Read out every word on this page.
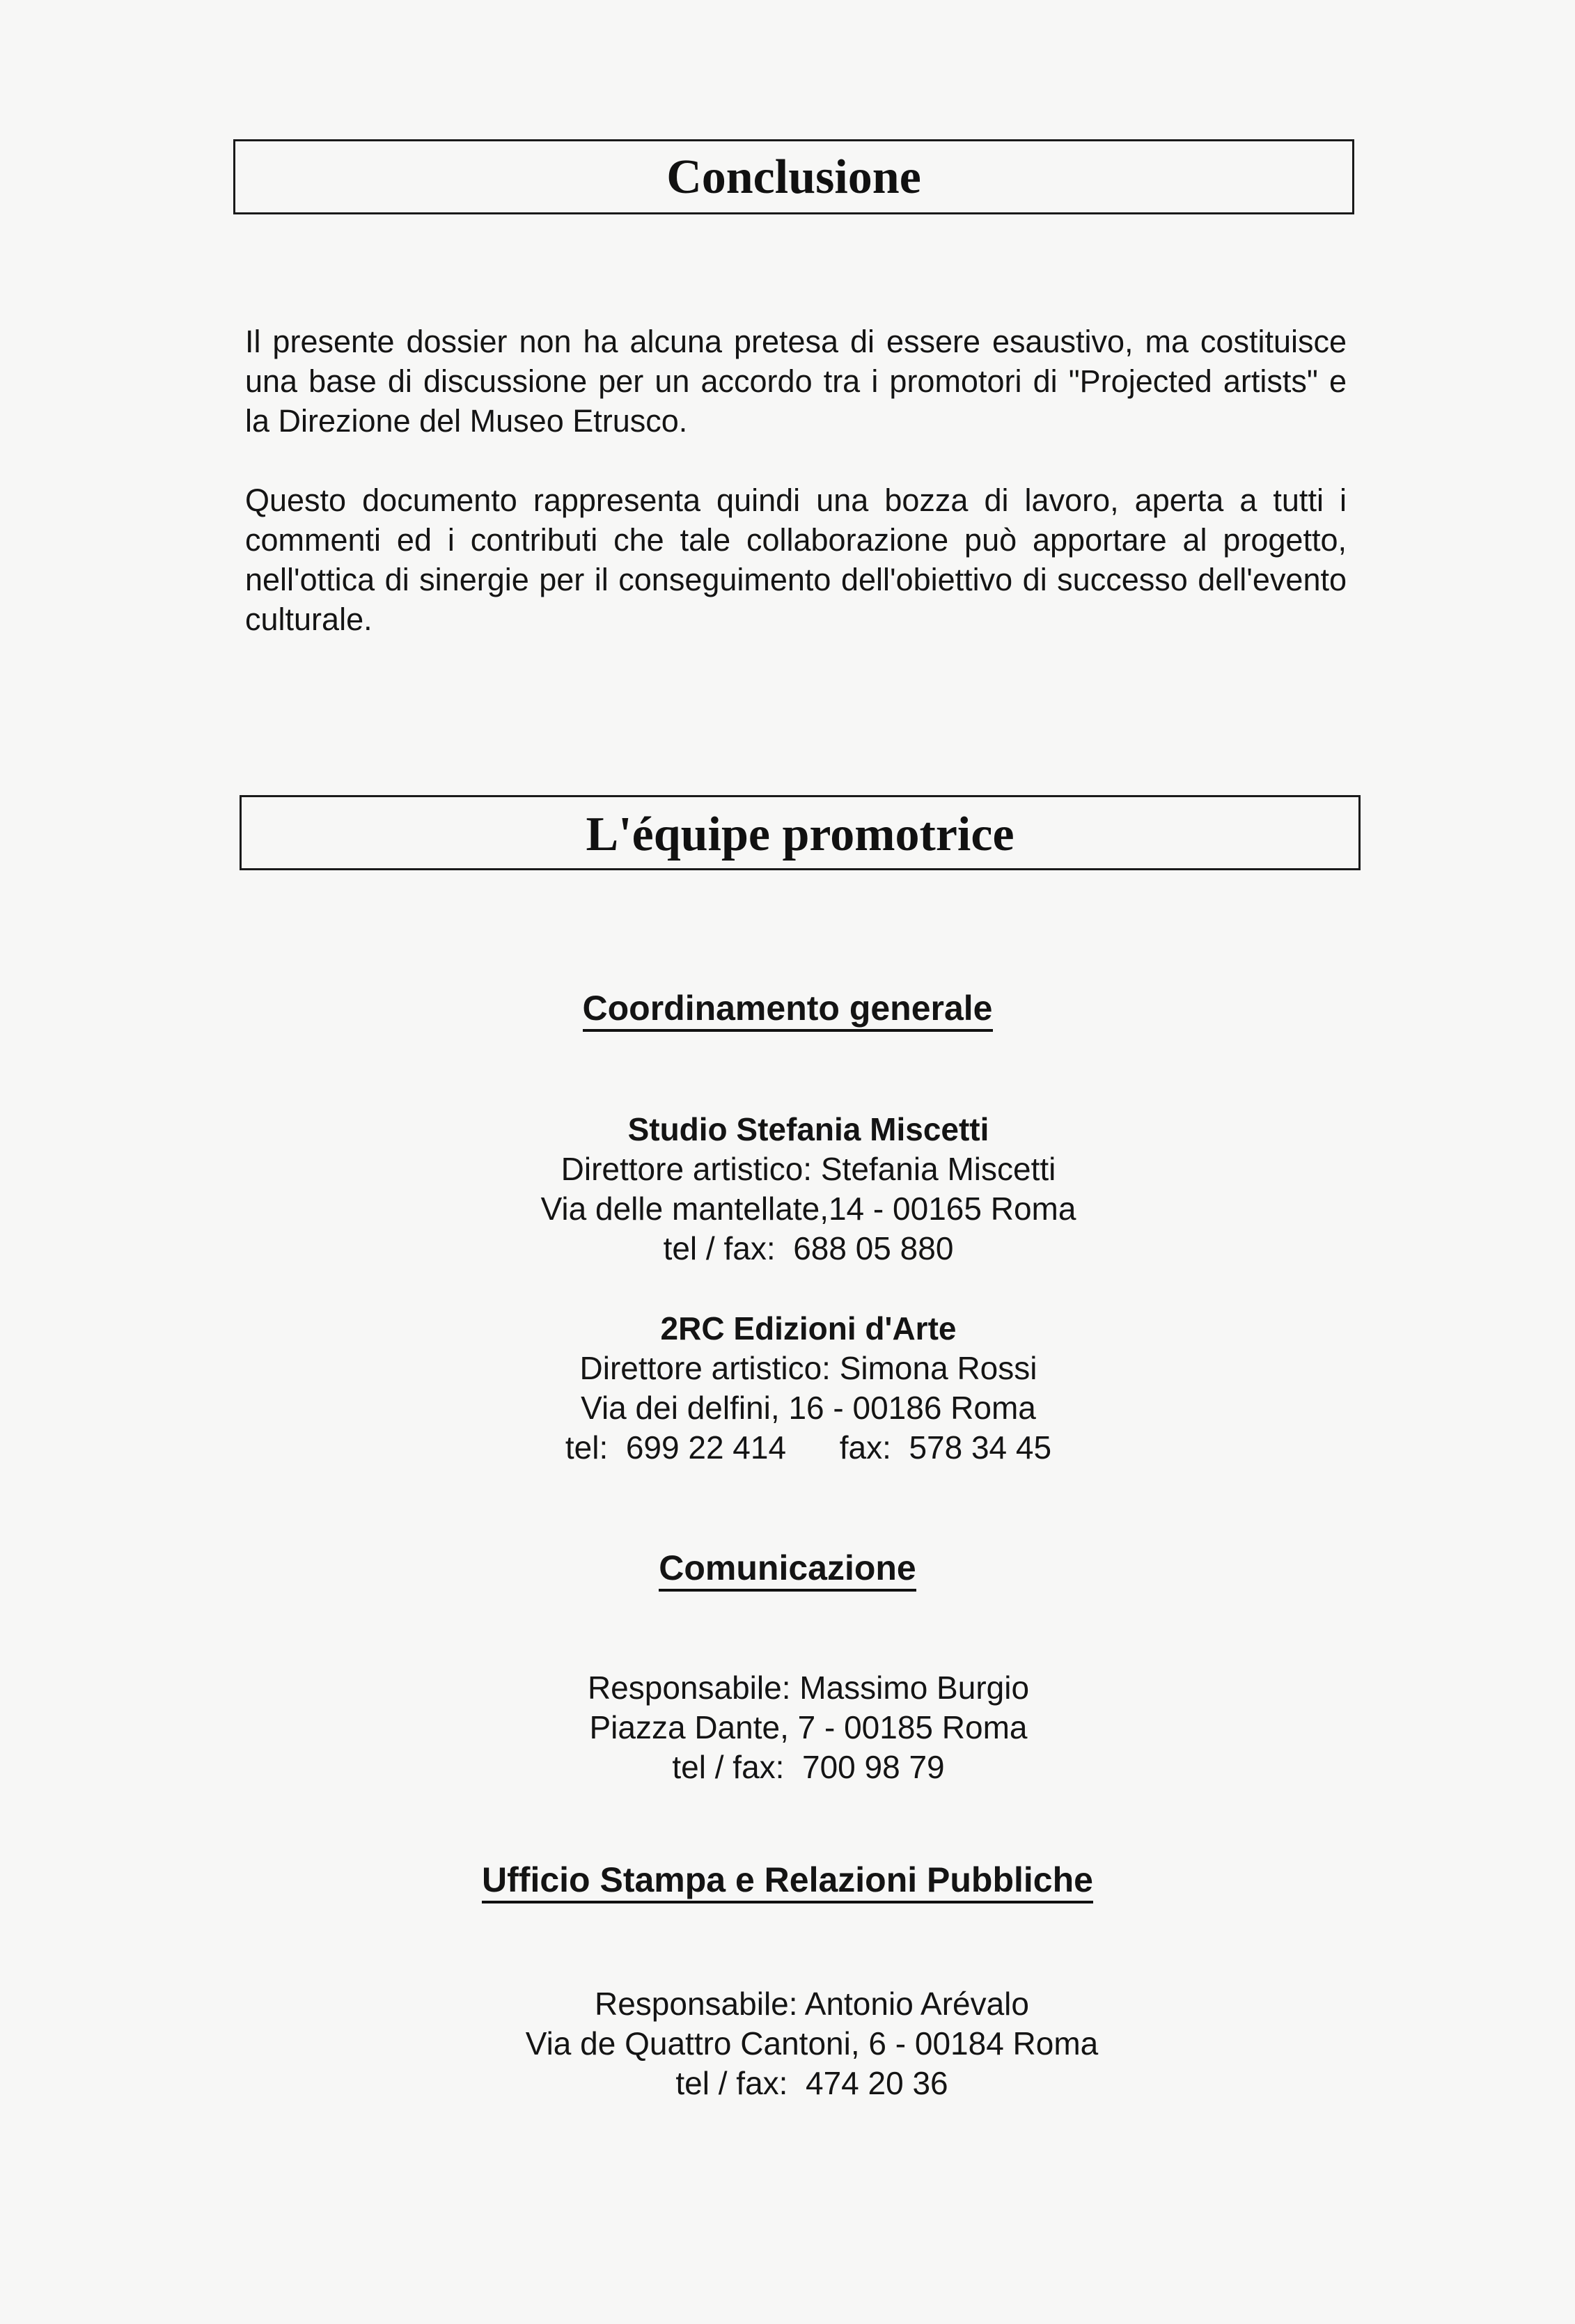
Conclusione

Il presente dossier non ha alcuna pretesa di essere esaustivo, ma costituisce una base di discussione per un accordo tra i promotori di "Projected artists" e la Direzione del Museo Etrusco.

Questo documento rappresenta quindi una bozza di lavoro, aperta a tutti i commenti ed i contributi che tale collaborazione può apportare al progetto, nell'ottica di sinergie per il conseguimento dell'obiettivo di successo dell'evento culturale.

L'équipe promotrice
Coordinamento generale
Studio Stefania Miscetti
Direttore artistico: Stefania Miscetti
Via delle mantellate,14 - 00165 Roma
tel / fax:  688 05 880
2RC Edizioni d'Arte
Direttore artistico: Simona Rossi
Via dei delfini, 16 - 00186 Roma
tel:  699 22 414      fax:  578 34 45
Comunicazione
Responsabile: Massimo Burgio
Piazza Dante, 7 - 00185 Roma
tel / fax:  700 98 79
Ufficio Stampa e Relazioni Pubbliche
Responsabile: Antonio Arévalo
Via de Quattro Cantoni, 6 - 00184 Roma
tel / fax:  474 20 36
